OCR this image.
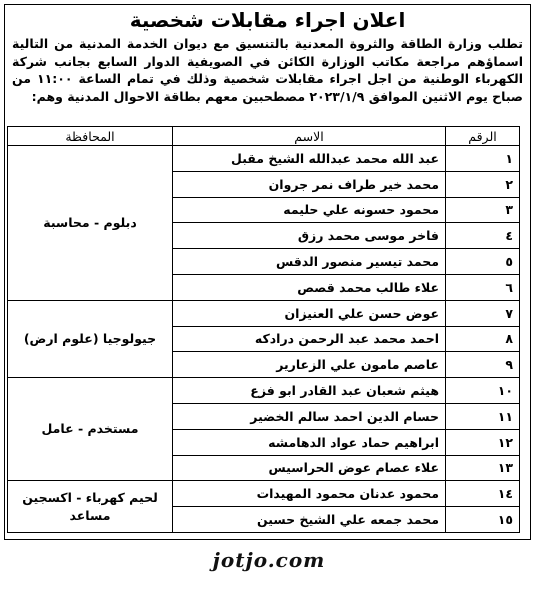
اعلان اجراء مقابلات شخصية

تطلب وزارة الطاقة والثروة المعدنية بالتنسيق مع ديوان الخدمة المدنية من التالية اسماؤهم مراجعة مكاتب الوزارة الكائن في الصويفية الدوار السابع بجانب شركة الكهرباء الوطنية من اجل اجراء مقابلات شخصية وذلك في تمام الساعة ١١:٠٠ من صباح يوم الاثنين الموافق ٢٠٢٣/١/٩ مصطحبين معهم بطاقة الاحوال المدنية وهم:

الرقم	الاسم	المحافظة
١	عبد الله محمد عبدالله الشيخ مقبل	دبلوم - محاسبة
٢	محمد خير طراف نمر جروان	
٣	محمود حسونه علي حليمه	
٤	فاخر موسى محمد رزق	
٥	محمد تيسير منصور الدقس	
٦	علاء طالب محمد قصص	
٧	عوض حسن علي العنيزان	جيولوجيا (علوم ارض)
٨	احمد محمد عبد الرحمن درادكه	
٩	عاصم مامون علي الزعارير	
١٠	هيثم شعبان عبد القادر ابو فزع	مستخدم - عامل
١١	حسام الدين احمد سالم الخضير	
١٢	ابراهيم حماد عواد الدهامشه	
١٣	علاء عصام عوض الحراسيس	
١٤	محمود عدنان محمود المهيدات	لحيم كهرباء - اكسجين مساعد
١٥	محمد جمعه علي الشيخ حسين	
jotjo.com
